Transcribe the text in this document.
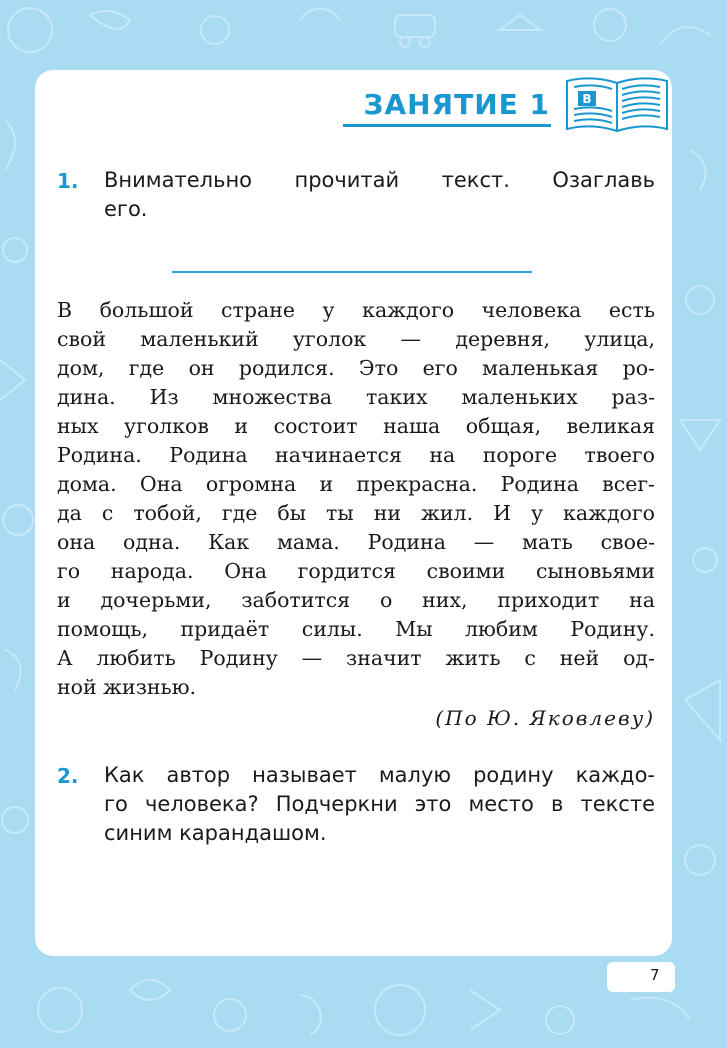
ЗАНЯТИЕ 1	В
1. Внимательно прочитай текст. Озаглавь
его.
В большой стране у каждого человека есть
свой маленький уголок — деревня, улица,
дом, где он родился. Это его маленькая ро-
дина. Из множества таких маленьких раз-
ных уголков и состоит наша общая, великая
Родина. Родина начинается на пороге твоего
дома. Она огромна и прекрасна. Родина всег-
да с тобой, где бы ты ни жил. И у каждого
она одна. Как мама. Родина — мать свое-
го народа. Она гордится своими сыновьями
и дочерьми, заботится о них, приходит на
помощь, придаёт силы. Мы любим Родину.
А любить Родину — значит жить с ней од-
ной жизнью.
(По Ю. Яковлеву)
2. Как автор называет малую родину каждо-
го человека? Подчеркни это место в тексте
синим карандашом.
7
